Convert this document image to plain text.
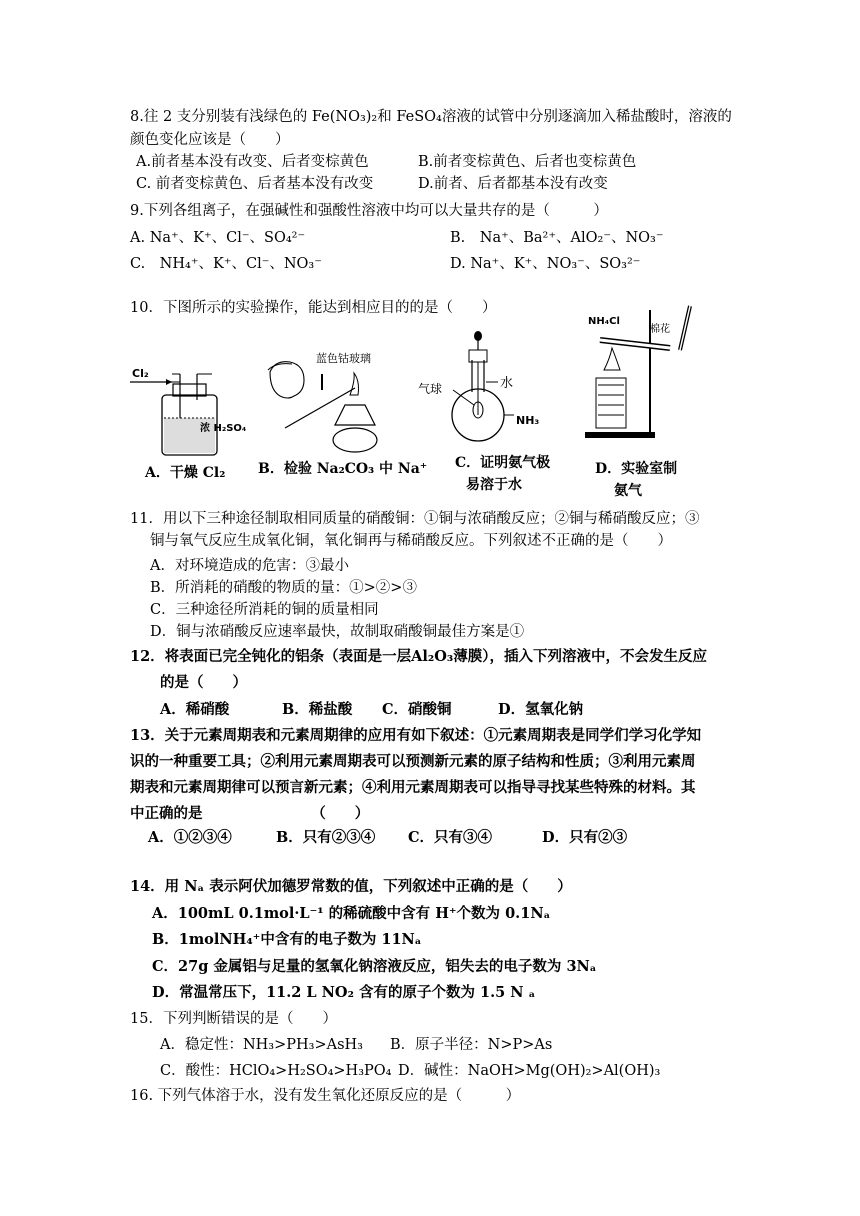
8.往 2 支分别装有浅绿色的 Fe(NO₃)₂和 FeSO₄溶液的试管中分别逐滴加入稀盐酸时，溶液的
颜色变化应该是（　　）
A.前者基本没有改变、后者变棕黄色	B.前者变棕黄色、后者也变棕黄色
C. 前者变棕黄色、后者基本没有改变	D.前者、后者都基本没有改变
9.下列各组离子，在强碱性和强酸性溶液中均可以大量共存的是（　　　）
A. Na⁺、K⁺、Cl⁻、SO₄²⁻	B.　Na⁺、Ba²⁺、AlO₂⁻、NO₃⁻
C.　NH₄⁺、K⁺、Cl⁻、NO₃⁻	D. Na⁺、K⁺、NO₃⁻、SO₃²⁻
10．下图所示的实验操作，能达到相应目的的是（　　）
Cl₂
浓 H₂SO₄
蓝色钴玻璃
气球	水
NH₃
NH₄Cl
棉花
A．干燥 Cl₂ B．检验 Na₂CO₃ 中 Na⁺ C．证明氨气极
易溶于水
D．实验室制
氨气
11．用以下三种途径制取相同质量的硝酸铜：①铜与浓硝酸反应；②铜与稀硝酸反应；③
铜与氧气反应生成氧化铜，氧化铜再与稀硝酸反应。下列叙述不正确的是（　　）
A．对环境造成的危害：③最小
B．所消耗的硝酸的物质的量：①>②>③
C．三种途径所消耗的铜的质量相同
D．铜与浓硝酸反应速率最快，故制取硝酸铜最佳方案是①
12．将表面已完全钝化的铝条（表面是一层Al₂O₃薄膜），插入下列溶液中，不会发生反应
的是（　　）
A．稀硝酸	B．稀盐酸 C．硝酸铜	D．氢氧化钠
13．关于元素周期表和元素周期律的应用有如下叙述：①元素周期表是同学们学习化学知
识的一种重要工具；②利用元素周期表可以预测新元素的原子结构和性质；③利用元素周
期表和元素周期律可以预言新元素；④利用元素周期表可以指导寻找某些特殊的材料。其
中正确的是　　　　　　　　（　　）
A．①②③④	B．只有②③④ C．只有③④	D．只有②③
14．用 Nₐ 表示阿伏加德罗常数的值，下列叙述中正确的是（　　）
A．100mL 0.1mol·L⁻¹ 的稀硫酸中含有 H⁺个数为 0.1Nₐ
B．1molNH₄⁺中含有的电子数为 11Nₐ
C．27g 金属铝与足量的氢氧化钠溶液反应，铝失去的电子数为 3Nₐ
D．常温常压下，11.2 L NO₂ 含有的原子个数为 1.5 N ₐ
15．下列判断错误的是（　　）
A．稳定性：NH₃>PH₃>AsH₃ B．原子半径：N>P>As
C．酸性：HClO₄>H₂SO₄>H₃PO₄ D．碱性：NaOH>Mg(OH)₂>Al(OH)₃
16. 下列气体溶于水，没有发生氧化还原反应的是（　　　）
